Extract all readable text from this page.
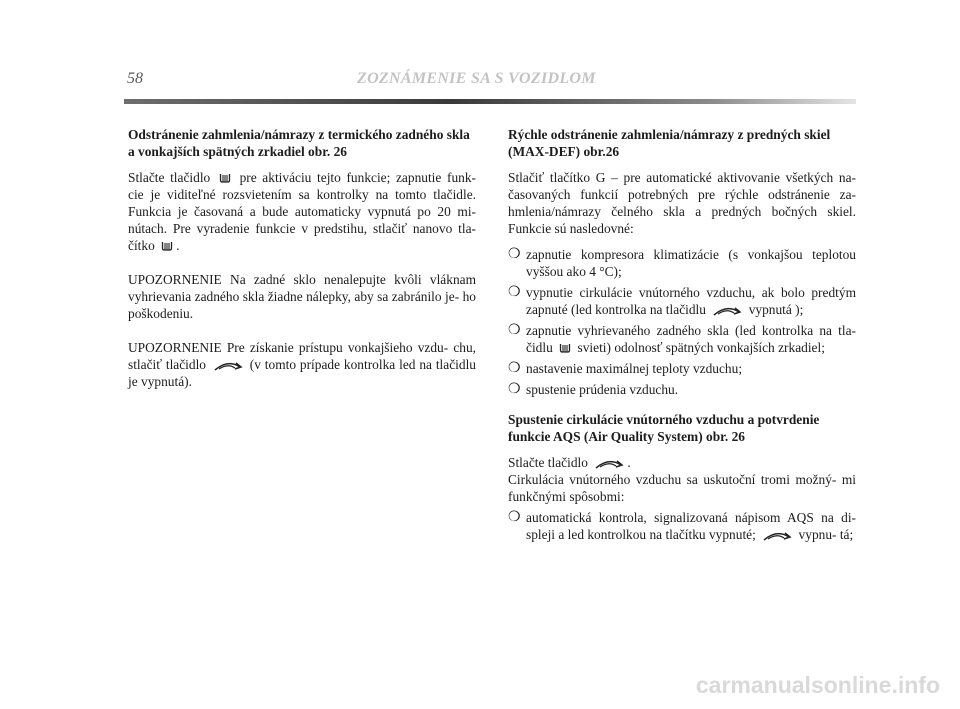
58	ZOZNÁMENIE SA S VOZIDLOM
Odstránenie zahmlenia/námrazy z termického zadného skla a vonkajších spätných zrkadiel obr. 26

Stlačte tlačidlo pre aktiváciu tejto funkcie; zapnutie funk- cie je viditeľné rozsvietením sa kontrolky na tomto tlačidle. Funkcia je časovaná a bude automaticky vypnutá po 20 mi- nútach. Pre vyradenie funkcie v predstihu, stlačiť nanovo tla- čítko .

UPOZORNENIE Na zadné sklo nenalepujte kvôli vláknam vyhrievania zadného skla žiadne nálepky, aby sa zabránilo je- ho poškodeniu.

UPOZORNENIE Pre získanie prístupu vonkajšieho vzdu- chu, stlačiť tlačidlo	(v tomto prípade kontrolka led na tlačidlu je vypnutá).

Rýchle odstránenie zahmlenia/námrazy z predných skiel (MAX-DEF) obr.26

Stlačiť tlačítko G – pre automatické aktivovanie všetkých na- časovaných funkcií potrebných pre rýchle odstránenie za- hmlenia/námrazy čelného skla a predných bočných skiel. Funkcie sú nasledovné:

❍ zapnutie kompresora klimatizácie (s vonkajšou teplotou vyššou ako 4 °C);
❍ vypnutie cirkulácie vnútorného vzduchu, ak bolo predtým zapnuté (led kontrolka na tlačidlu	vypnutá );
❍ zapnutie vyhrievaného zadného skla (led kontrolka na tla- čidlu svieti) odolnosť spätných vonkajších zrkadiel;
❍ nastavenie maximálnej teploty vzduchu;
❍ spustenie prúdenia vzduchu.
Spustenie cirkulácie vnútorného vzduchu a potvrdenie funkcie AQS (Air Quality System) obr. 26

Stlačte tlačidlo	.

Cirkulácia vnútorného vzduchu sa uskutoční tromi možný- mi funkčnými spôsobmi:

❍ automatická kontrola, signalizovaná nápisom AQS na di- spleji a led kontrolkou na tlačítku vypnuté;	vypnu- tá;
carmanualsonline.info
